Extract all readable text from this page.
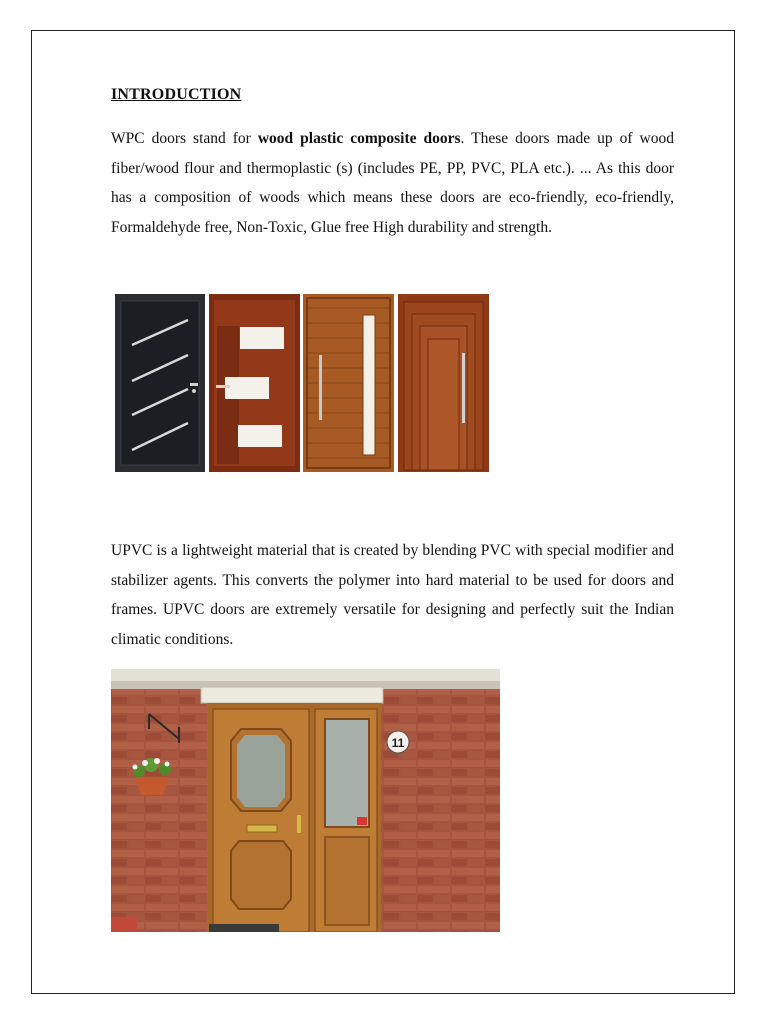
INTRODUCTION

WPC doors stand for wood plastic composite doors. These doors made up of wood fiber/wood flour and thermoplastic (s) (includes PE, PP, PVC, PLA etc.). ... As this door has a composition of woods which means these doors are eco-friendly, eco-friendly, Formaldehyde free, Non-Toxic, Glue free High durability and strength.

UPVC is a lightweight material that is created by blending PVC with special modifier and stabilizer agents. This converts the polymer into hard material to be used for doors and frames. UPVC doors are extremely versatile for designing and perfectly suit the Indian climatic conditions.

11
